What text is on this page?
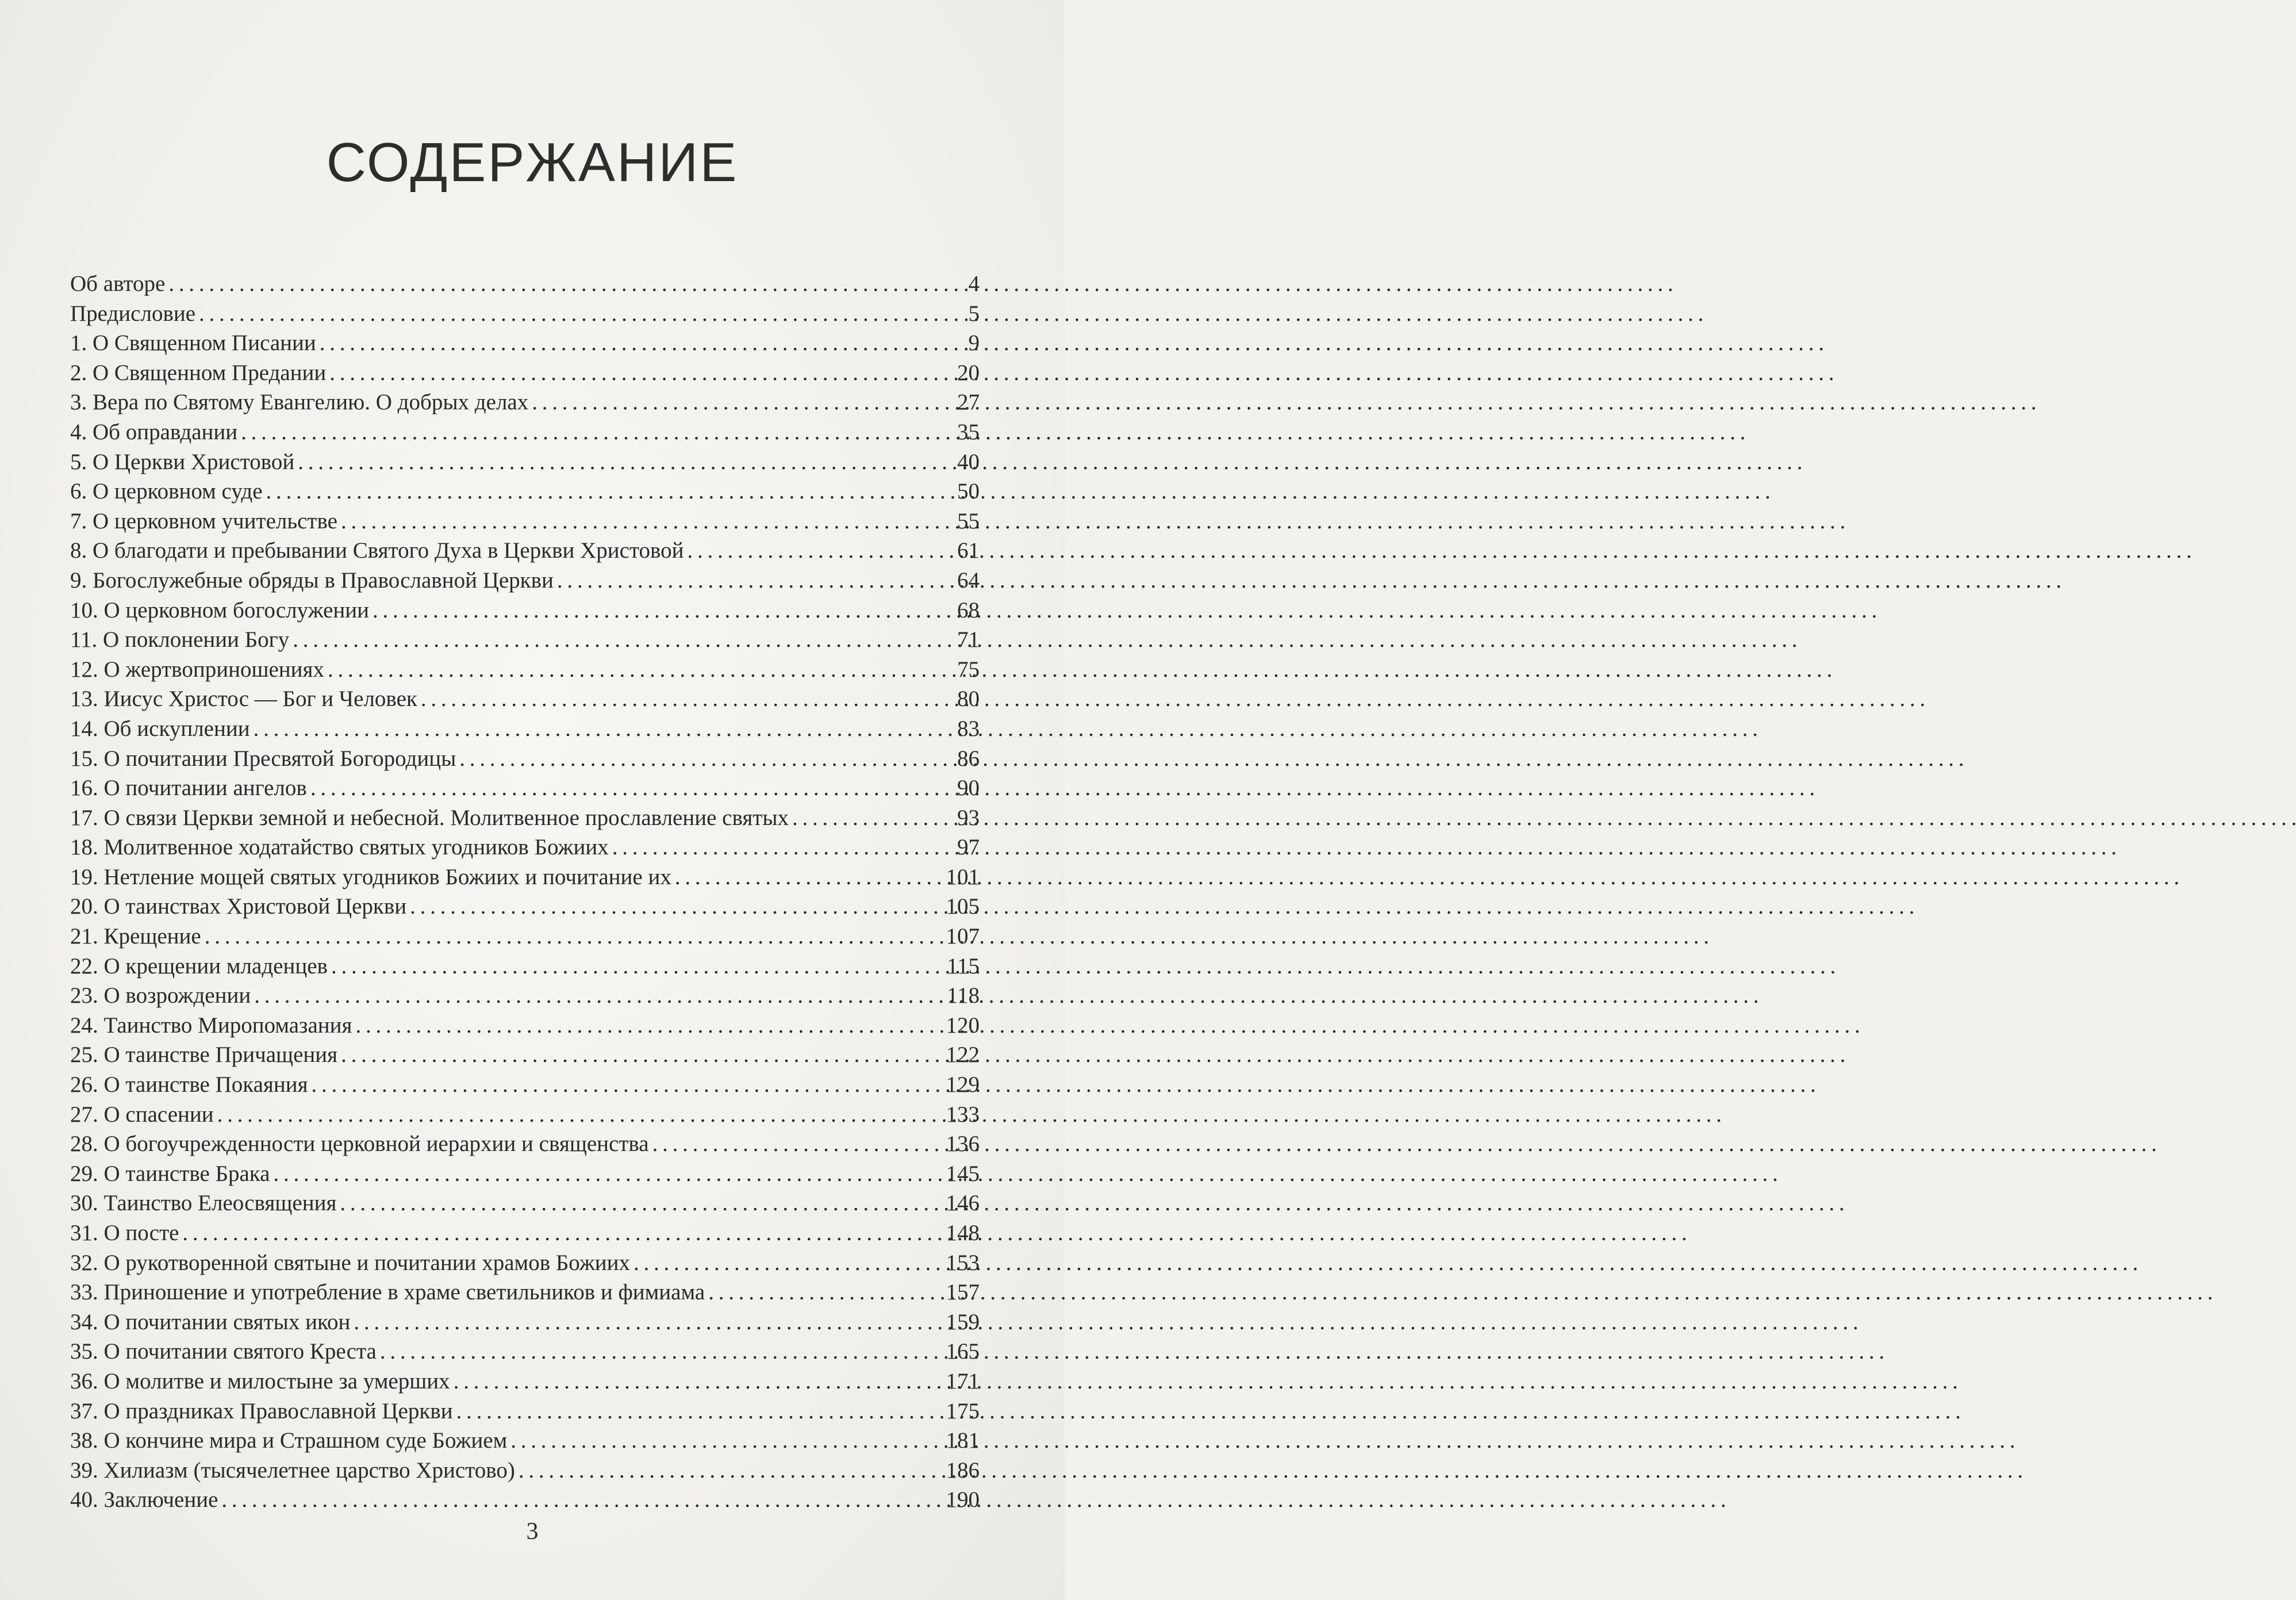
СОДЕРЖАНИЕ
Об авторе . . .	4
Предисловие . . .	5
1. О Священном Писании . . .	9
2. О Священном Предании . . .	20
3. Вера по Святому Евангелию. О добрых делах . . .	27
4. Об оправдании . . .	35
5. О Церкви Христовой . . .	40
6. О церковном суде . . .	50
7. О церковном учительстве . . .	55
8. О благодати и пребывании Святого Духа в Церкви Христовой . . .	61
9. Богослужебные обряды в Православной Церкви . . .	64
10. О церковном богослужении . . .	68
11. О поклонении Богу . . .	71
12. О жертвоприношениях . . .	75
13. Иисус Христос — Бог и Человек . . .	80
14. Об искуплении . . .	83
15. О почитании Пресвятой Богородицы . . .	86
16. О почитании ангелов . . .	90
17. О связи Церкви земной и небесной. Молитвенное прославление святых . . .	93
18. Молитвенное ходатайство святых угодников Божиих . . .	97
19. Нетление мощей святых угодников Божиих и почитание их . . .	101
20. О таинствах Христовой Церкви . . .	105
21. Крещение . . .	107
22. О крещении младенцев . . .	115
23. О возрождении . . .	118
24. Таинство Миропомазания . . .	120
25. О таинстве Причащения . . .	122
26. О таинстве Покаяния . . .	129
27. О спасении . . .	133
28. О богоучрежденности церковной иерархии и священства . . .	136
29. О таинстве Брака . . .	145
30. Таинство Елеосвящения . . .	146
31. О посте . . .	148
32. О рукотворенной святыне и почитании храмов Божиих . . .	153
33. Приношение и употребление в храме светильников и фимиама . . .	157
34. О почитании святых икон . . .	159
35. О почитании святого Креста . . .	165
36. О молитве и милостыне за умерших . . .	171
37. О праздниках Православной Церкви . . .	175
38. О кончине мира и Страшном суде Божием . . .	181
39. Хилиазм (тысячелетнее царство Христово) . . .	186
40. Заключение . . .	190
3
